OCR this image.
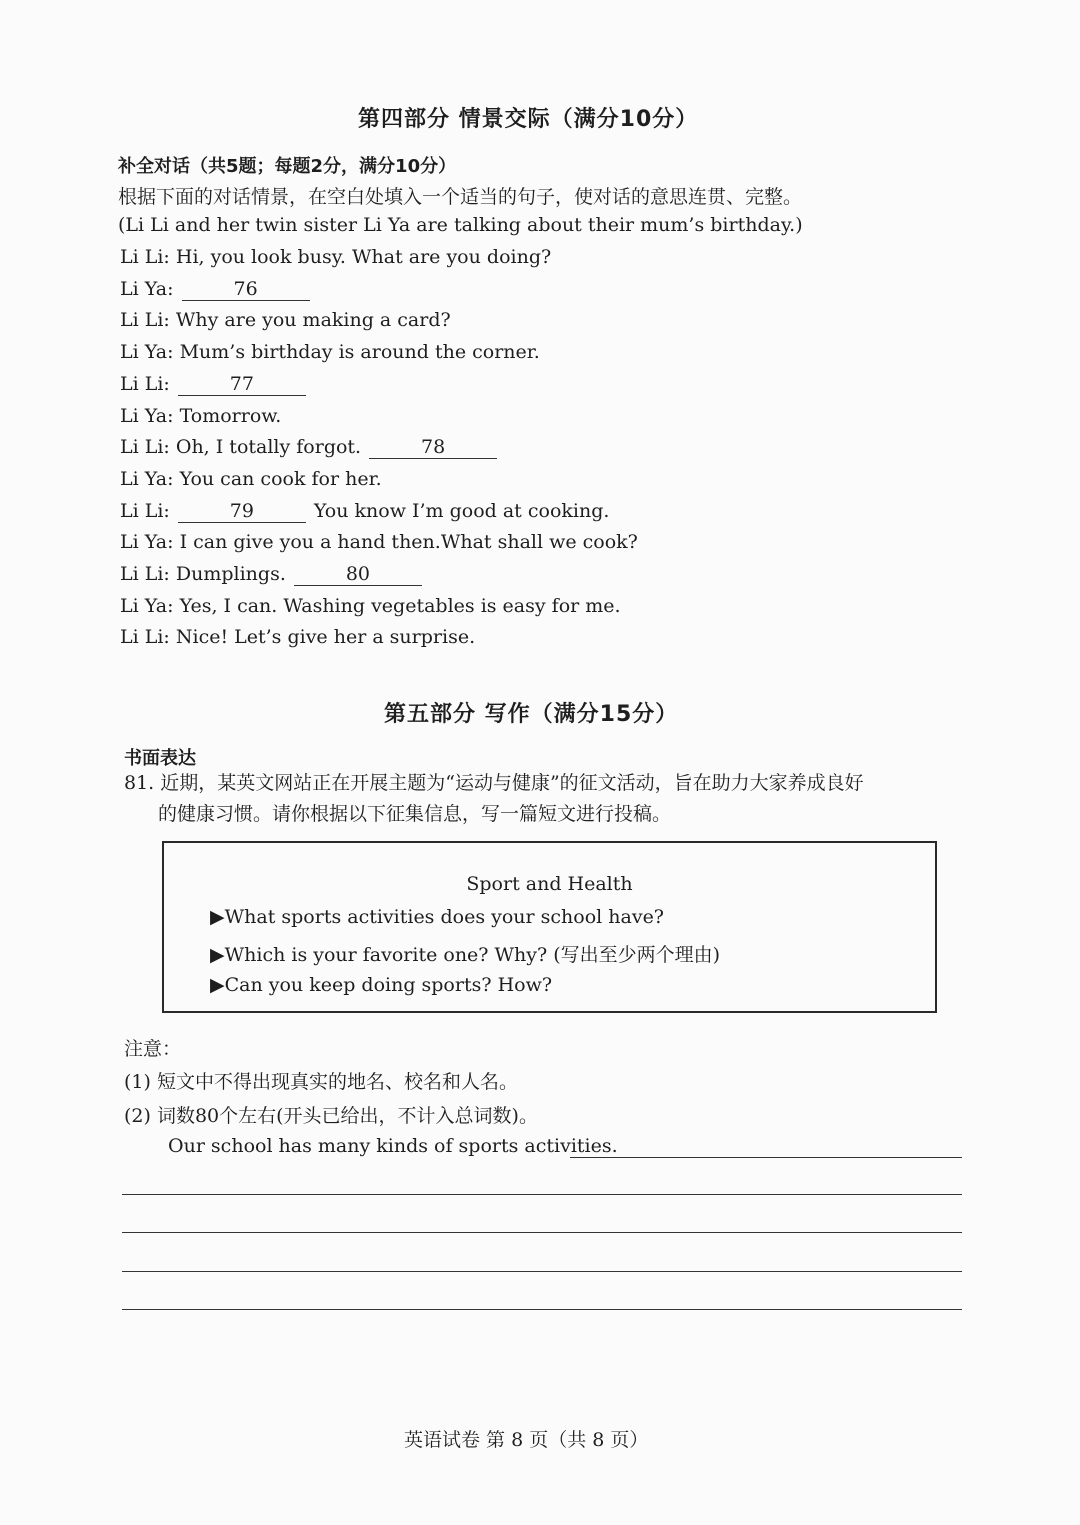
第四部分 情景交际（满分10分）
补全对话（共5题；每题2分，满分10分）
根据下面的对话情景，在空白处填入一个适当的句子，使对话的意思连贯、完整。
(Li Li and her twin sister Li Ya are talking about their mum’s birthday.)
Li Li: Hi, you look busy. What are you doing?
Li Ya:	76
Li Li: Why are you making a card?
Li Ya: Mum’s birthday is around the corner.
Li Li:	77
Li Ya: Tomorrow.
Li Li: Oh, I totally forgot.	78
Li Ya: You can cook for her.
Li Li:	79	You know I’m good at cooking.
Li Ya: I can give you a hand then.What shall we cook?
Li Li: Dumplings.	80
Li Ya: Yes, I can. Washing vegetables is easy for me.
Li Li: Nice! Let’s give her a surprise.
第五部分 写作（满分15分）
书面表达
81. 近期，某英文网站正在开展主题为“运动与健康”的征文活动，旨在助力大家养成良好
的健康习惯。请你根据以下征集信息，写一篇短文进行投稿。
Sport and Health
▶What sports activities does your school have?
▶Which is your favorite one? Why? (写出至少两个理由)
▶Can you keep doing sports? How?
注意：
(1) 短文中不得出现真实的地名、校名和人名。
(2) 词数80个左右(开头已给出，不计入总词数)。
Our school has many kinds of sports activities.
英语试卷 第 8 页（共 8 页）
